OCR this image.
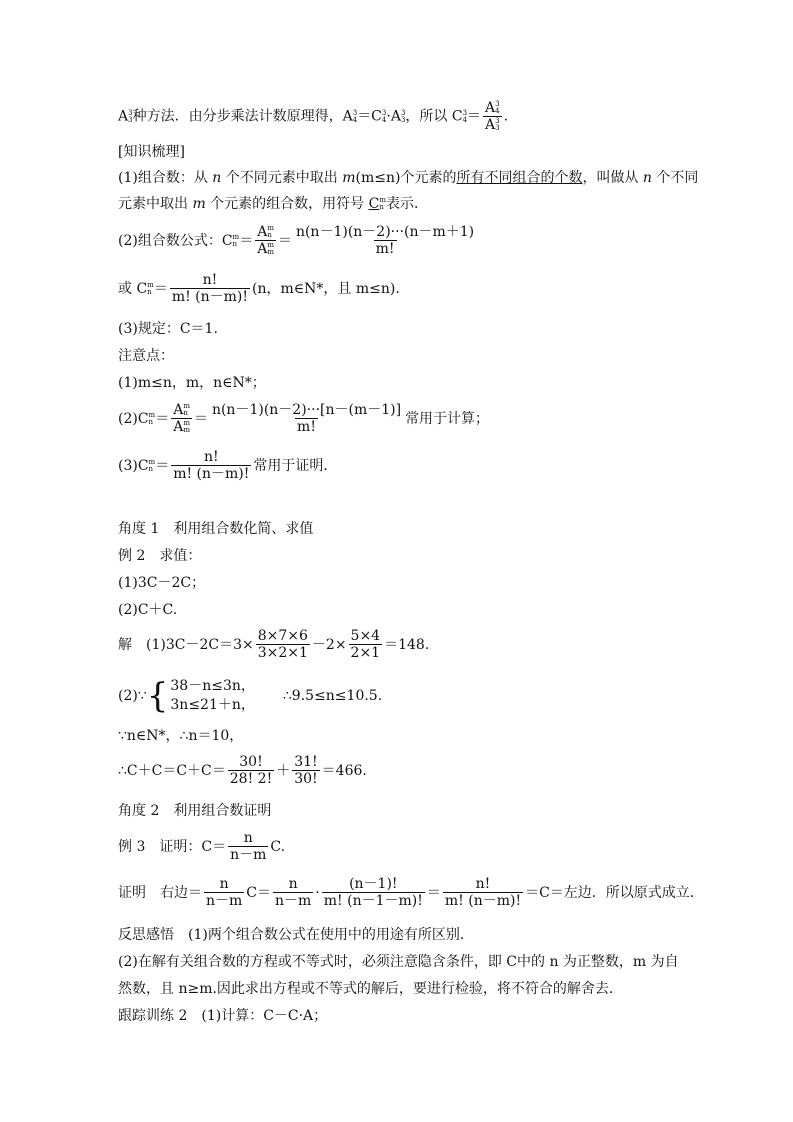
A 3
3 种方法．由分步乘法计数原理得，A 3
4 ＝C 3
4 ·A 3
3 ，所以 C 3
4 ＝ A 3
4
A 3
3 .
[知识梳理]
(1)组合数：从 n 个不同元素中取出 m(m≤n)个元素的所有不同组合的个数，叫做从 n 个不同
元素中取出 m 个元素的组合数，用符号 C m
n 表示．
(2)组合数公式：C m
n ＝ A m
n
A m
$m = \frac{n(n-1)(n-2)\cdot\cdot\cdot(n-m+1)}{m!}$
或 C m
$n = \frac{n!}{m! (n-m)!} (n$，m∈N*，且 m≤n).
(3)规定：C＝1.
注意点：
(1)m≤n，m，n∈N*；
(2)C m
n ＝ A m
n
A m
$m = \frac{n(n-1)(n-2)\cdot\cdot\cdot[n-(m-1)]}{m!}$ 常用于计算；
(3)C m
$n = \frac{n!}{m! (n-m)!}$ 常用于证明．
角度 1　利用组合数化简、求值
例 2　求值：
(1)3C－2C；
(2)C＋C.
解　$(1)3C-2C=3\times \frac{8\times 7\times 6}{3\times 2\times 1} -2\times \frac{5\times 4}{2\times 1} =148$.
(2)∵ { 38－n≤3n，
3n≤21＋n，
∴9.5≤n≤10.5.
∵n∈N*，∴n＝10，
∴C＋C＝C＋C＝ $\frac{30!}{28! 2!} + \frac{31!}{30!} =466$.
角度 2　利用组合数证明
例 3　证明：$C= \frac{n}{n-m} C$.
证明　右边＝ $\frac{n}{n-m} C= \frac{n}{n-m} \cdot \frac{(n-1)!}{m! (n-1-m)!} = \frac{n!}{m! (n-m)!} =C=$左边．所以原式成立．
反思感悟　(1)两个组合数公式在使用中的用途有所区别．
(2)在解有关组合数的方程或不等式时，必须注意隐含条件，即 C中的 n 为正整数，m 为自
然数，且 n≥m.因此求出方程或不等式的解后，要进行检验，将不符合的解舍去．
跟踪训练 2　(1)计算：C－C·A；
